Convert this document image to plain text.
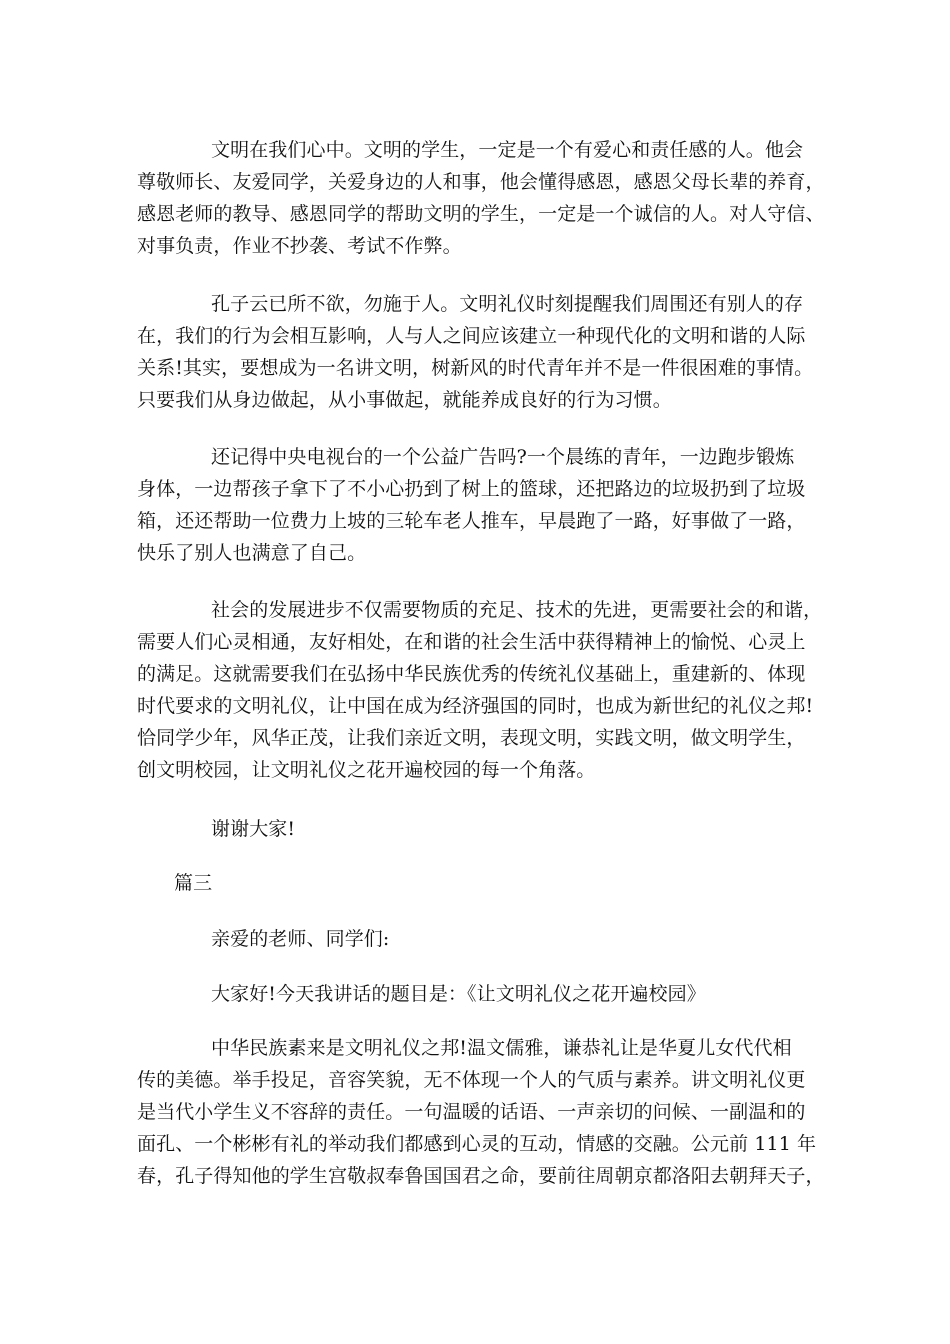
文明在我们心中。文明的学生，一定是一个有爱心和责任感的人。他会
尊敬师长、友爱同学，关爱身边的人和事，他会懂得感恩，感恩父母长辈的养育，
感恩老师的教导、感恩同学的帮助文明的学生，一定是一个诚信的人。对人守信、
对事负责，作业不抄袭、考试不作弊。
孔子云已所不欲，勿施于人。文明礼仪时刻提醒我们周围还有别人的存
在，我们的行为会相互影响，人与人之间应该建立一种现代化的文明和谐的人际
关系!其实，要想成为一名讲文明，树新风的时代青年并不是一件很困难的事情。
只要我们从身边做起，从小事做起，就能养成良好的行为习惯。
还记得中央电视台的一个公益广告吗?一个晨练的青年，一边跑步锻炼
身体，一边帮孩子拿下了不小心扔到了树上的篮球，还把路边的垃圾扔到了垃圾
箱，还还帮助一位费力上坡的三轮车老人推车，早晨跑了一路，好事做了一路，
快乐了别人也满意了自己。
社会的发展进步不仅需要物质的充足、技术的先进，更需要社会的和谐，
需要人们心灵相通，友好相处，在和谐的社会生活中获得精神上的愉悦、心灵上
的满足。这就需要我们在弘扬中华民族优秀的传统礼仪基础上，重建新的、体现
时代要求的文明礼仪，让中国在成为经济强国的同时，也成为新世纪的礼仪之邦!
恰同学少年，风华正茂，让我们亲近文明，表现文明，实践文明，做文明学生，
创文明校园，让文明礼仪之花开遍校园的每一个角落。
谢谢大家!
篇三
亲爱的老师、同学们:
大家好!今天我讲话的题目是：《让文明礼仪之花开遍校园》
中华民族素来是文明礼仪之邦!温文儒雅，谦恭礼让是华夏儿女代代相
传的美德。举手投足，音容笑貌，无不体现一个人的气质与素养。讲文明礼仪更
是当代小学生义不容辞的责任。一句温暖的话语、一声亲切的问候、一副温和的
面孔、一个彬彬有礼的举动我们都感到心灵的互动，情感的交融。公元前 111 年
春，孔子得知他的学生宫敬叔奉鲁国国君之命，要前往周朝京都洛阳去朝拜天子，
